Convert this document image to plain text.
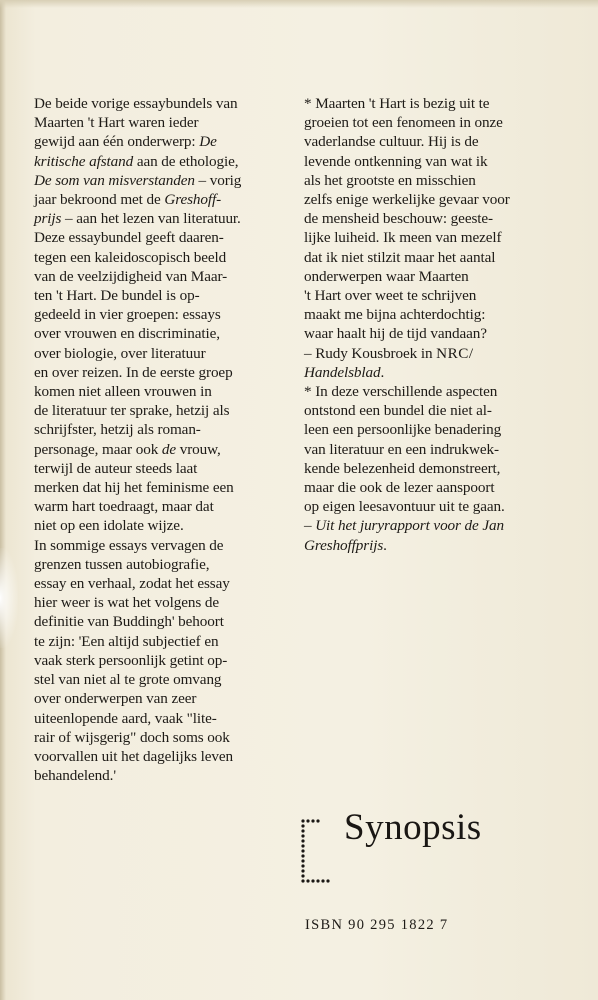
De beide vorige essaybundels van
Maarten 't Hart waren ieder
gewijd aan één onderwerp: De
kritische afstand aan de ethologie,
De som van misverstanden – vorig
jaar bekroond met de Greshoff-
prijs – aan het lezen van literatuur.
Deze essaybundel geeft daaren-
tegen een kaleidoscopisch beeld
van de veelzijdigheid van Maar-
ten 't Hart. De bundel is op-
gedeeld in vier groepen: essays
over vrouwen en discriminatie,
over biologie, over literatuur
en over reizen. In de eerste groep
komen niet alleen vrouwen in
de literatuur ter sprake, hetzij als
schrijfster, hetzij als roman-
personage, maar ook de vrouw,
terwijl de auteur steeds laat
merken dat hij het feminisme een
warm hart toedraagt, maar dat
niet op een idolate wijze.
In sommige essays vervagen de
grenzen tussen autobiografie,
essay en verhaal, zodat het essay
hier weer is wat het volgens de
definitie van Buddingh' behoort
te zijn: 'Een altijd subjectief en
vaak sterk persoonlijk getint op-
stel van niet al te grote omvang
over onderwerpen van zeer
uiteenlopende aard, vaak "lite-
rair of wijsgerig" doch soms ook
voorvallen uit het dagelijks leven
behandelend.'
* Maarten 't Hart is bezig uit te
groeien tot een fenomeen in onze
vaderlandse cultuur. Hij is de
levende ontkenning van wat ik
als het grootste en misschien
zelfs enige werkelijke gevaar voor
de mensheid beschouw: geeste-
lijke luiheid. Ik meen van mezelf
dat ik niet stilzit maar het aantal
onderwerpen waar Maarten
't Hart over weet te schrijven
maakt me bijna achterdochtig:
waar haalt hij de tijd vandaan?
– Rudy Kousbroek in NRC/
Handelsblad.
* In deze verschillende aspecten
ontstond een bundel die niet al-
leen een persoonlijke benadering
van literatuur en een indrukwek-
kende belezenheid demonstreert,
maar die ook de lezer aanspoort
op eigen leesavontuur uit te gaan.
– Uit het juryrapport voor de Jan
Greshoffprijs.
Synopsis
ISBN 90 295 1822 7
